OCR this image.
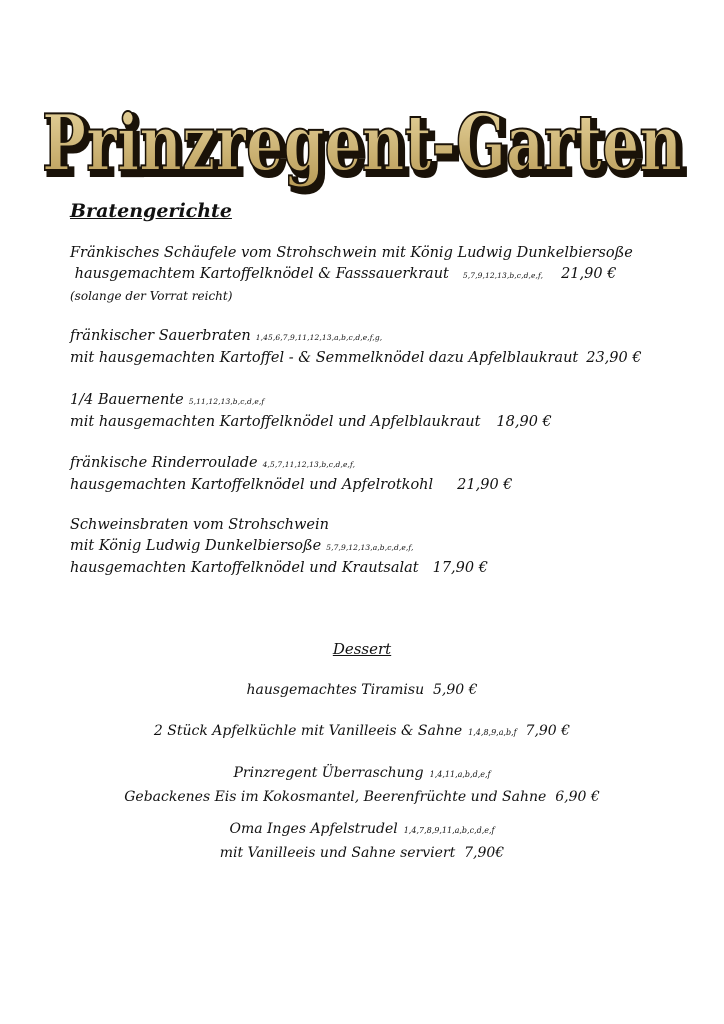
Prinzregent-Garten
Prinzregent-Garten
Bratengerichte
Fränkisches Schäufele vom Strohschwein mit König Ludwig Dunkelbiersoße
hausgemachtem Kartoffelknödel & Fasssauerkraut 5,7,9,12,13,b,c,d,e,f, 21,90 €
(solange der Vorrat reicht)
fränkischer Sauerbraten 1,45,6,7,9,11,12,13,a,b,c,d,e,f,g,
mit hausgemachten Kartoffel - & Semmelknödel dazu Apfelblaukraut 23,90 €
1/4 Bauernente 5,11,12,13,b,c,d,e,f
mit hausgemachten Kartoffelknödel und Apfelblaukraut 18,90 €
fränkische Rinderroulade 4,5,7,11,12,13,b,c,d,e,f,
hausgemachten Kartoffelknödel und Apfelrotkohl 21,90 €
Schweinsbraten vom Strohschwein
mit König Ludwig Dunkelbiersoße 5,7,9,12,13,a,b,c,d,e,f,
hausgemachten Kartoffelknödel und Krautsalat 17,90 €
Dessert
hausgemachtes Tiramisu 5,90 €
2 Stück Apfelküchle mit Vanilleeis & Sahne 1,4,8,9,a,b,f 7,90 €
Prinzregent Überraschung 1,4,11,a,b,d,e,f
Gebackenes Eis im Kokosmantel, Beerenfrüchte und Sahne 6,90 €
Oma Inges Apfelstrudel 1,4,7,8,9,11,a,b,c,d,e,f
mit Vanilleeis und Sahne serviert 7,90€
